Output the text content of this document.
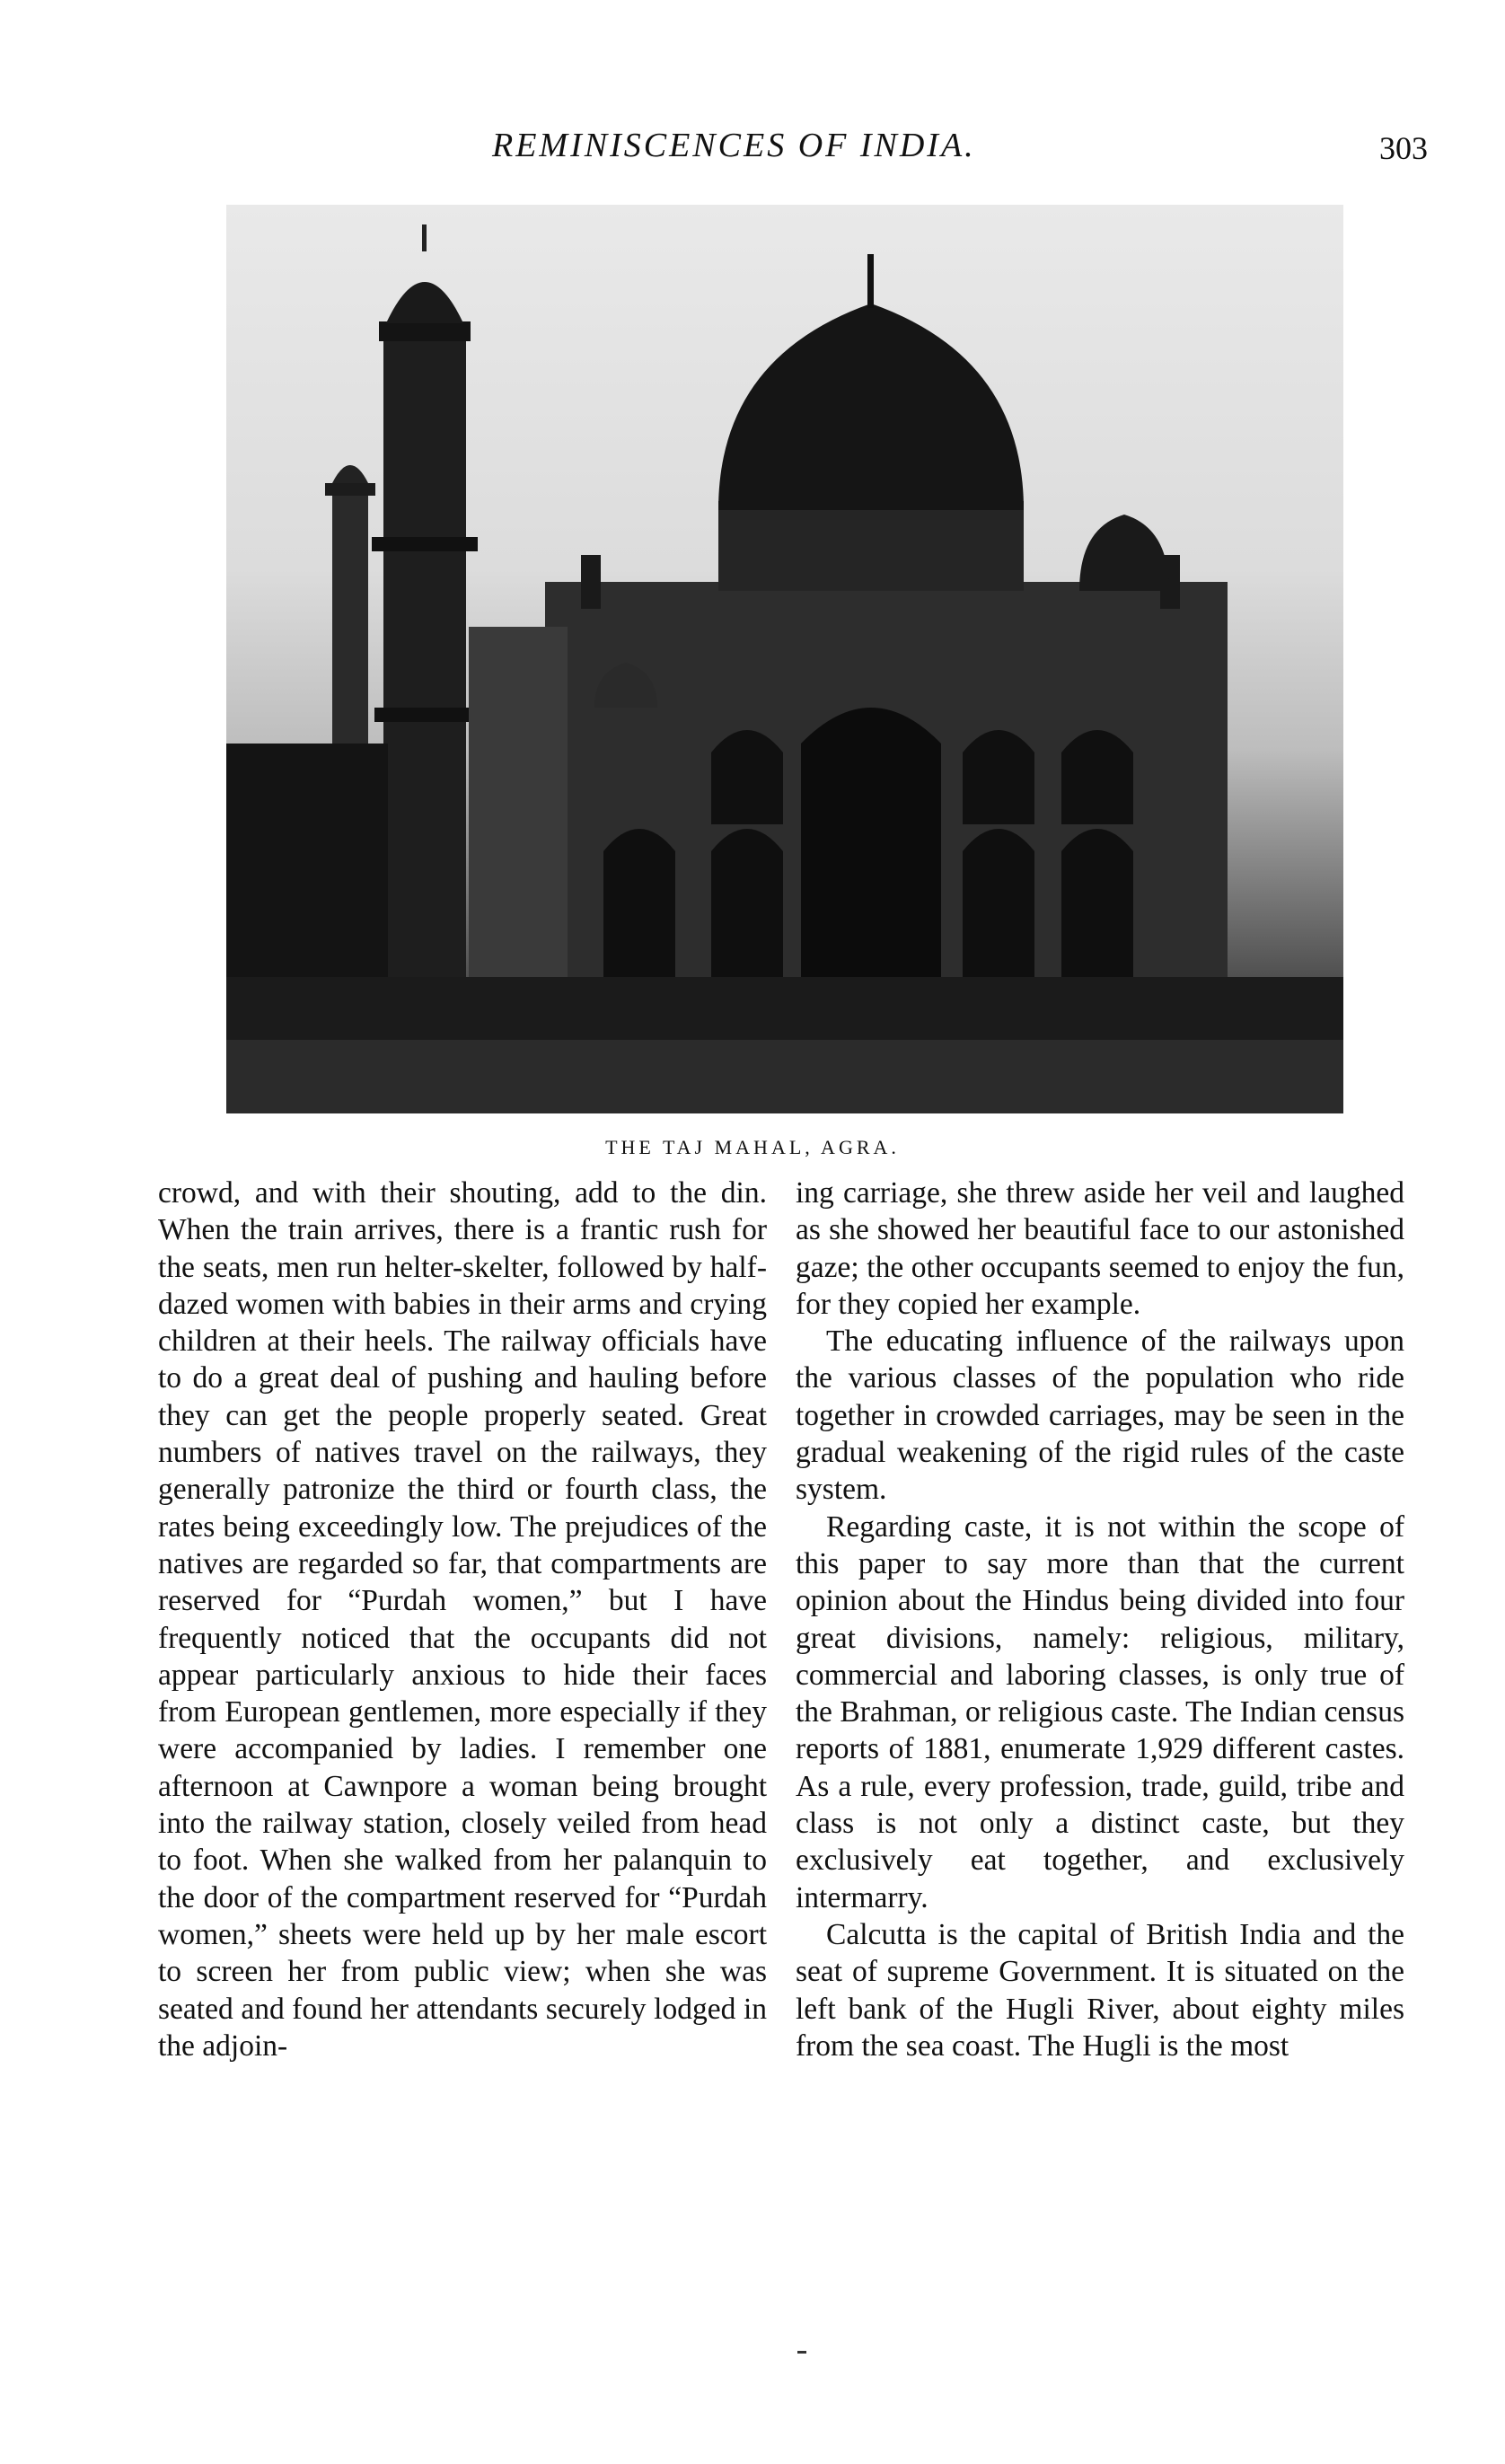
REMINISCENCES OF INDIA.	303
THE TAJ MAHAL, AGRA.

crowd, and with their shouting, add to the din. When the train arrives, there is a frantic rush for the seats, men run helter-skelter, followed by half-dazed women with babies in their arms and crying children at their heels. The railway officials have to do a great deal of pushing and hauling before they can get the people properly seated. Great numbers of natives travel on the railways, they generally patronize the third or fourth class, the rates being exceedingly low. The prejudices of the natives are regarded so far, that compartments are reserved for “Purdah women,” but I have frequently noticed that the occupants did not appear particularly anxious to hide their faces from European gentlemen, more especially if they were accompanied by ladies. I remember one afternoon at Cawnpore a woman being brought into the railway station, closely veiled from head to foot. When she walked from her palanquin to the door of the compartment reserved for “Purdah women,” sheets were held up by her male escort to screen her from public view; when she was seated and found her attendants securely lodged in the adjoin-

ing carriage, she threw aside her veil and laughed as she showed her beautiful face to our astonished gaze; the other occupants seemed to enjoy the fun, for they copied her example.

The educating influence of the railways upon the various classes of the population who ride together in crowded carriages, may be seen in the gradual weakening of the rigid rules of the caste system.

Regarding caste, it is not within the scope of this paper to say more than that the current opinion about the Hindus being divided into four great divisions, namely: religious, military, commercial and laboring classes, is only true of the Brahman, or religious caste. The Indian census reports of 1881, enumerate 1,929 different castes. As a rule, every profession, trade, guild, tribe and class is not only a distinct caste, but they exclusively eat together, and exclusively intermarry.

Calcutta is the capital of British India and the seat of supreme Government. It is situated on the left bank of the Hugli River, about eighty miles from the sea coast. The Hugli is the most
